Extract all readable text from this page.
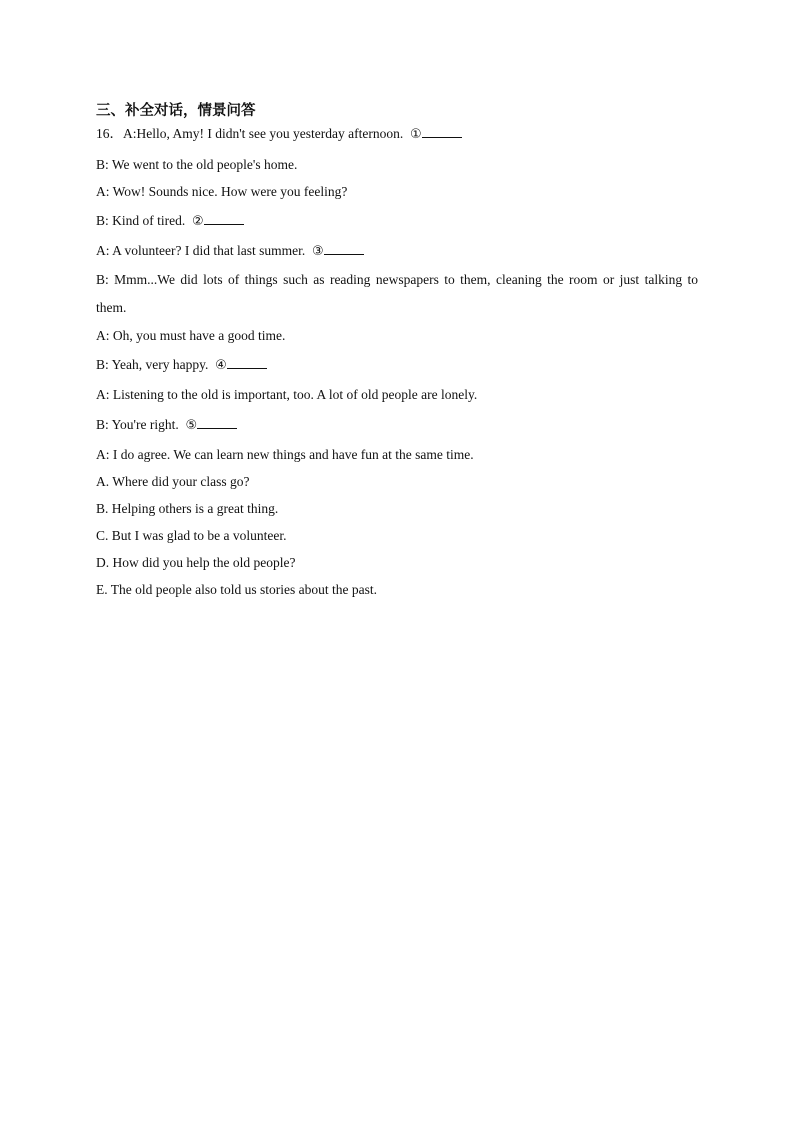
三、补全对话，情景问答

16．A:Hello, Amy! I didn't see you yesterday afternoon. ①

B: We went to the old people's home.

A: Wow! Sounds nice. How were you feeling?

B: Kind of tired. ②

A: A volunteer? I did that last summer. ③

B: Mmm...We did lots of things such as reading newspapers to them, cleaning the room or just talking to them.

A: Oh, you must have a good time.

B: Yeah, very happy. ④

A: Listening to the old is important, too. A lot of old people are lonely.

B: You're right. ⑤

A: I do agree. We can learn new things and have fun at the same time.

A. Where did your class go?

B. Helping others is a great thing.

C. But I was glad to be a volunteer.

D. How did you help the old people?

E. The old people also told us stories about the past.
